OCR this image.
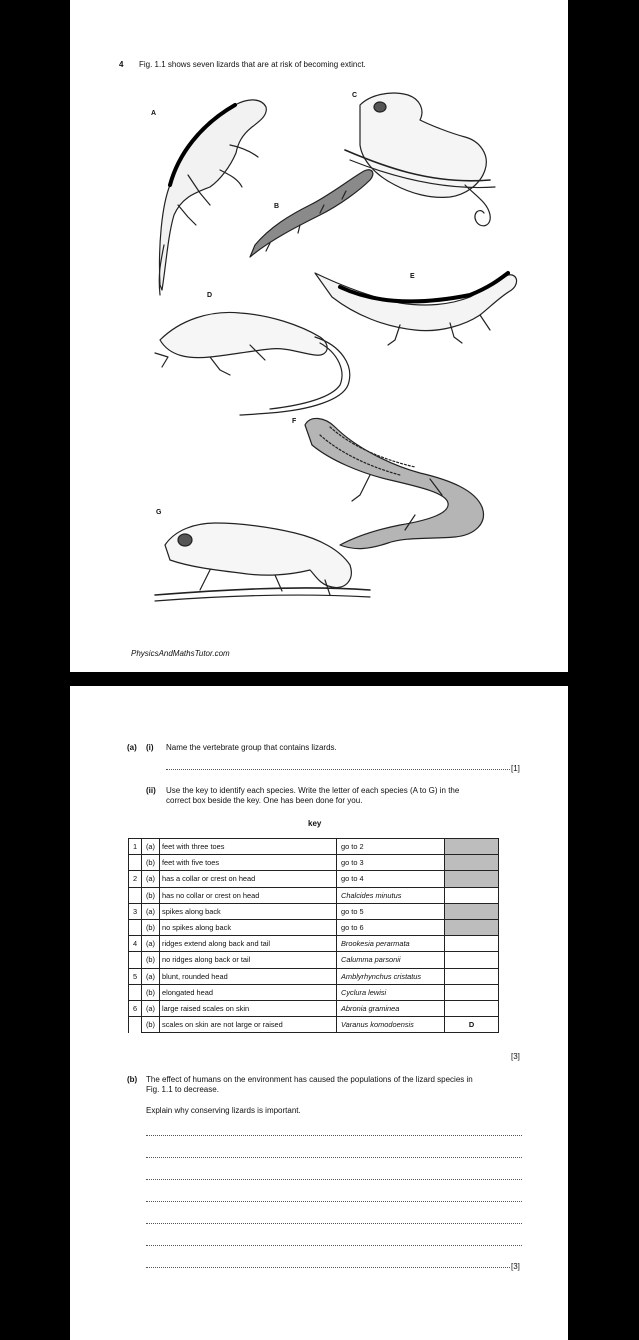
4 Fig. 1.1 shows seven lizards that are at risk of becoming extinct.
A
B
C
D
E
F
G
PhysicsAndMathsTutor.com
(a) (i) Name the vertebrate group that contains lizards.
[1]
(ii) Use the key to identify each species. Write the letter of each species (A to G) in the
correct box beside the key. One has been done for you.
key
1	(a)	feet with three toes	go to 2	
	(b)	feet with five toes	go to 3	
2	(a)	has a collar or crest on head	go to 4	
	(b)	has no collar or crest on head	Chalcides minutus	
3	(a)	spikes along back	go to 5	
	(b)	no spikes along back	go to 6	
4	(a)	ridges extend along back and tail	Brookesia perarmata	
	(b)	no ridges along back or tail	Calumma parsonii	
5	(a)	blunt, rounded head	Amblyrhynchus cristatus	
	(b)	elongated head	Cyclura lewisi	
6	(a)	large raised scales on skin	Abronia graminea	
	(b)	scales on skin are not large or raised	Varanus komodoensis	D
[3]
(b) The effect of humans on the environment has caused the populations of the lizard species in
Fig. 1.1 to decrease.
Explain why conserving lizards is important.
[3]
